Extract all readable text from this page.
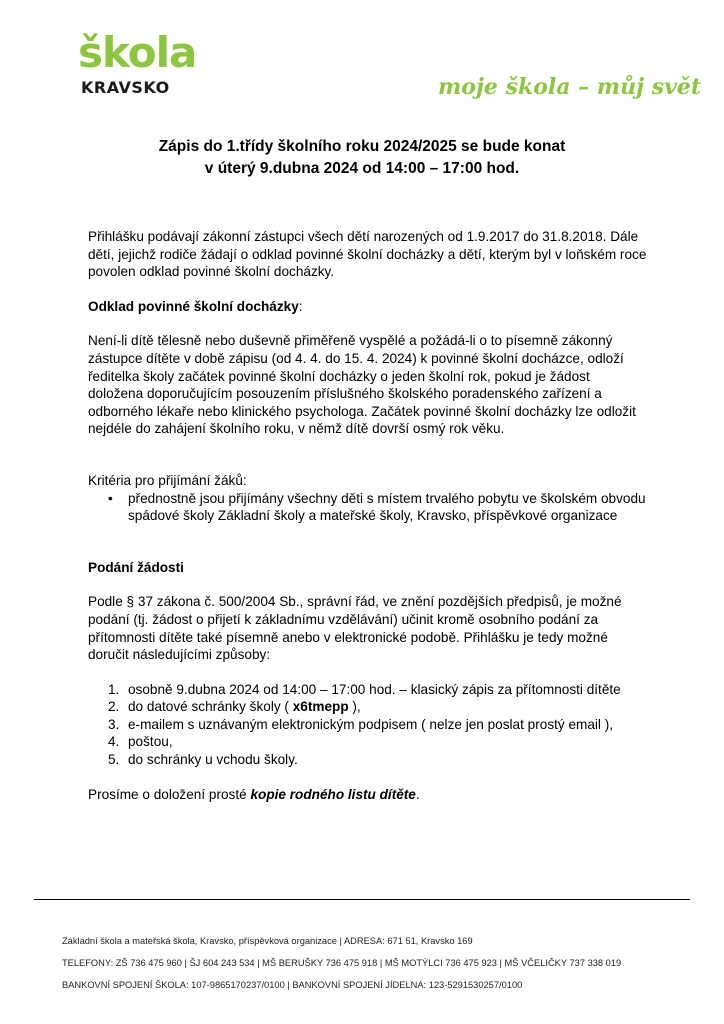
škola
KRAVSKO	moje škola – můj svět
Zápis do 1.třídy školního roku 2024/2025 se bude konat
v úterý 9.dubna 2024 od 14:00 – 17:00 hod.

Přihlášku podávají zákonní zástupci všech dětí narozených od 1.9.2017 do 31.8.2018. Dále dětí, jejichž rodiče žádají o odklad povinné školní docházky a dětí, kterým byl v loňském roce povolen odklad povinné školní docházky.

Odklad povinné školní docházky:

Není-li dítě tělesně nebo duševně přiměřeně vyspělé a požádá-li o to písemně zákonný zástupce dítěte v době zápisu (od 4. 4. do 15. 4. 2024) k povinné školní docházce, odloží ředitelka školy začátek povinné školní docházky o jeden školní rok, pokud je žádost doložena doporučujícím posouzením příslušného školského poradenského zařízení a odborného lékaře nebo klinického psychologa. Začátek povinné školní docházky lze odložit nejdéle do zahájení školního roku, v němž dítě dovrší osmý rok věku.

Kritéria pro přijímání žáků:

• přednostně jsou přijímány všechny děti s místem trvalého pobytu ve školském obvodu spádové školy Základní školy a mateřské školy, Kravsko, příspěvkové organizace

Podání žádosti

Podle § 37 zákona č. 500/2004 Sb., správní řád, ve znění pozdějších předpisů, je možné podání (tj. žádost o přijetí k základnímu vzdělávání) učinit kromě osobního podání za přítomnosti dítěte také písemně anebo v elektronické podobě. Přihlášku je tedy možné doručit následujícími způsoby:

1. osobně 9.dubna 2024 od 14:00 – 17:00 hod. – klasický zápis za přítomnosti dítěte
2. do datové schránky školy ( x6tmepp ),
3. e-mailem s uznávaným elektronickým podpisem ( nelze jen poslat prostý email ),
4. poštou,
5. do schránky u vchodu školy.

Prosíme o doložení prosté kopie rodného listu dítěte.

Základní škola a mateřská škola, Kravsko, příspěvková organizace | ADRESA: 671 51, Kravsko 169
TELEFONY: ZŠ 736 475 960 | ŠJ 604 243 534 | MŠ BERUŠKY 736 475 918 | MŠ MOTÝLCI 736 475 923 | MŠ VČELIČKY 737 338 019
BANKOVNÍ SPOJENÍ ŠKOLA: 107-9865170237/0100 | BANKOVNÍ SPOJENÍ JÍDELNA: 123-5291530257/0100
